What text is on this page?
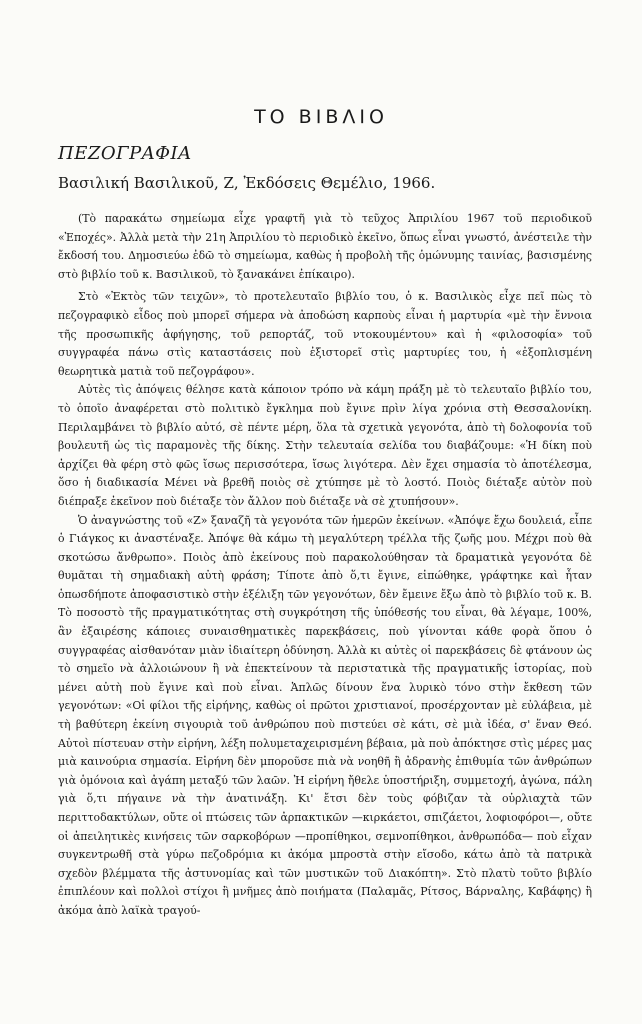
ΤΟ ΒΙΒΛΙΟ
ΠΕΖΟΓΡΑΦΙΑ
Βασιλική Βασιλικοῦ, Ζ, Ἐκδόσεις Θεμέλιο, 1966.

(Τὸ παρακάτω σημείωμα εἶχε γραφτῆ γιὰ τὸ τεῦχος Ἀπριλίου 1967 τοῦ περιοδικοῦ «Ἐποχές». Ἀλλὰ μετὰ τὴν 21η Ἀπριλίου τὸ περιοδικὸ ἐκεῖνο, ὅπως εἶναι γνωστό, ἀνέστειλε τὴν ἔκδοσή του. Δημοσιεύω ἐδῶ τὸ σημείωμα, καθὼς ἡ προβολὴ τῆς ὁμώνυμης ταινίας, βασισμένης στὸ βιβλίο τοῦ κ. Βασιλικοῦ, τὸ ξανακάνει ἐπίκαιρο).

Στὸ «Ἐκτὸς τῶν τειχῶν», τὸ προτελευταῖο βιβλίο του, ὁ κ. Βασιλικὸς εἶχε πεῖ πὼς τὸ πεζογραφικὸ εἶδος ποὺ μπορεῖ σήμερα νὰ ἀποδώση καρποὺς εἶναι ἡ μαρτυρία «μὲ τὴν ἔννοια τῆς προσωπικῆς ἀφήγησης, τοῦ ρεπορτάζ, τοῦ ντοκουμέντου» καὶ ἡ «φιλοσοφία» τοῦ συγγραφέα πάνω στὶς καταστάσεις ποὺ ἐξιστορεῖ στὶς μαρτυρίες του, ἡ «ἐξοπλισμένη θεωρητικὰ ματιὰ τοῦ πεζογράφου».

Αὐτὲς τὶς ἀπόψεις θέλησε κατὰ κάποιον τρόπο νὰ κάμη πράξη μὲ τὸ τελευταῖο βιβλίο του, τὸ ὁποῖο ἀναφέρεται στὸ πολιτικὸ ἔγκλημα ποὺ ἔγινε πρὶν λίγα χρόνια στὴ Θεσσαλονίκη. Περιλαμβάνει τὸ βιβλίο αὐτό, σὲ πέντε μέρη, ὅλα τὰ σχετικὰ γεγονότα, ἀπὸ τὴ δολοφονία τοῦ βουλευτῆ ὡς τὶς παραμονὲς τῆς δίκης. Στὴν τελευταία σελίδα του διαβάζουμε: «Ἡ δίκη ποὺ ἀρχίζει θὰ φέρη στὸ φῶς ἴσως περισσότερα, ἴσως λιγότερα. Δὲν ἔχει σημασία τὸ ἀποτέλεσμα, ὅσο ἡ διαδικασία Μένει νὰ βρεθῆ ποιὸς σὲ χτύπησε μὲ τὸ λοστό. Ποιὸς διέταξε αὐτὸν ποὺ διέπραξε ἐκεῖνον ποὺ διέταξε τὸν ἄλλον ποὺ διέταξε νὰ σὲ χτυπήσουν».

Ὁ ἀναγνώστης τοῦ «Ζ» ξαναζῆ τὰ γεγονότα τῶν ἡμερῶν ἐκείνων. «Ἀπόψε ἔχω δουλειά, εἶπε ὁ Γιάγκος κι ἀναστέναξε. Ἀπόψε θὰ κάμω τὴ μεγαλύτερη τρέλλα τῆς ζωῆς μου. Μέχρι ποὺ θὰ σκοτώσω ἄνθρωπο». Ποιὸς ἀπὸ ἐκείνους ποὺ παρακολούθησαν τὰ δραματικὰ γεγονότα δὲ θυμᾶται τὴ σημαδιακὴ αὐτὴ φράση; Τίποτε ἀπὸ ὅ,τι ἔγινε, εἰπώθηκε, γράφτηκε καὶ ἦταν ὁπωσδήποτε ἀποφασιστικὸ στὴν ἐξέλιξη τῶν γεγονότων, δὲν ἔμεινε ἔξω ἀπὸ τὸ βιβλίο τοῦ κ. Β. Τὸ ποσοστὸ τῆς πραγματικότητας στὴ συγκρότηση τῆς ὑπόθεσής του εἶναι, θὰ λέγαμε, 100%, ἂν ἐξαιρέσης κάποιες συναισθηματικὲς παρεκβάσεις, ποὺ γίνονται κάθε φορὰ ὅπου ὁ συγγραφέας αἰσθανόταν μιὰν ἰδιαίτερη ὀδύνηση. Ἀλλὰ κι αὐτὲς οἱ παρεκβάσεις δὲ φτάνουν ὡς τὸ σημεῖο νὰ ἀλλοιώνουν ἢ νὰ ἐπεκτείνουν τὰ περιστατικὰ τῆς πραγματικῆς ἱστορίας, ποὺ μένει αὐτὴ ποὺ ἔγινε καὶ ποὺ εἶναι. Ἁπλῶς δίνουν ἕνα λυρικὸ τόνο στὴν ἔκθεση τῶν γεγονότων: «Οἱ φίλοι τῆς εἰρήνης, καθὼς οἱ πρῶτοι χριστιανοί, προσέρχονταν μὲ εὐλάβεια, μὲ τὴ βαθύτερη ἐκείνη σιγουριὰ τοῦ ἀνθρώπου ποὺ πιστεύει σὲ κάτι, σὲ μιὰ ἰδέα, σ' ἕναν Θεό. Αὐτοὶ πίστευαν στὴν εἰρήνη, λέξη πολυμεταχειρισμένη βέβαια, μὰ ποὺ ἀπόκτησε στὶς μέρες μας μιὰ καινούρια σημασία. Εἰρήνη δὲν μποροῦσε πιὰ νὰ νοηθῆ ἢ ἀδρανὴς ἐπιθυμία τῶν ἀνθρώπων γιὰ ὁμόνοια καὶ ἀγάπη μεταξύ τῶν λαῶν. Ἡ εἰρήνη ἤθελε ὑποστήριξη, συμμετοχή, ἀγώνα, πάλη γιὰ ὅ,τι πήγαινε νὰ τὴν ἀνατινάξη. Κι' ἔτσι δὲν τοὺς φόβιζαν τὰ οὐρλιαχτὰ τῶν περιττοδακτύλων, οὔτε οἱ πτώσεις τῶν ἀρπακτικῶν —κιρκάετοι, σπιζάετοι, λοφιοφόροι—, οὔτε οἱ ἀπειλητικὲς κινήσεις τῶν σαρκοβόρων —προπίθηκοι, σεμνοπίθηκοι, ἀνθρωπόδα— ποὺ εἶχαν συγκεντρωθῆ στὰ γύρω πεζοδρόμια κι ἀκόμα μπροστὰ στὴν εἴσοδο, κάτω ἀπὸ τὰ πατρικὰ σχεδὸν βλέμματα τῆς ἀστυνομίας καὶ τῶν μυστικῶν τοῦ Διακόπτη». Στὸ πλατὺ τοῦτο βιβλίο ἐπιπλέουν καὶ πολλοὶ στίχοι ἢ μνῆμες ἀπὸ ποιήματα (Παλαμᾶς, Ρίτσος, Βάρναλης, Καβάφης) ἢ ἀκόμα ἀπὸ λαϊκὰ τραγού-
